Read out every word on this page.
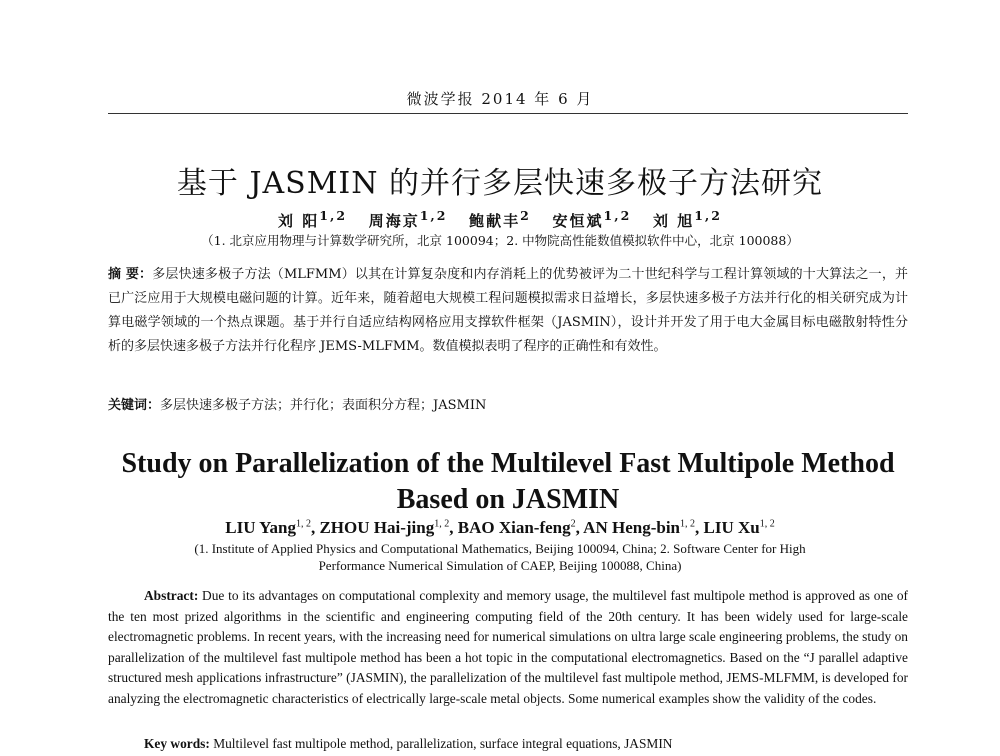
微波学报 2014 年 6 月
基于 JASMIN 的并行多层快速多极子方法研究
刘 阳$^{1,2}$ 周海京$^{1,2}$ 鲍献丰$^2$ 安恒斌$^{1,2}$ 刘 旭$^{1,2}$
（1. 北京应用物理与计算数学研究所，北京 100094；2. 中物院高性能数值模拟软件中心，北京 100088）
摘 要：多层快速多极子方法（MLFMM）以其在计算复杂度和内存消耗上的优势被评为二十世纪科学与工程计算领域的十大算法之一，并已广泛应用于大规模电磁问题的计算。近年来，随着超电大规模工程问题模拟需求日益增长，多层快速多极子方法并行化的相关研究成为计算电磁学领域的一个热点课题。基于并行自适应结构网格应用支撑软件框架（JASMIN），设计并开发了用于电大金属目标电磁散射特性分析的多层快速多极子方法并行化程序 JEMS-MLFMM。数值模拟表明了程序的正确性和有效性。
关键词：多层快速多极子方法；并行化；表面积分方程；JASMIN
Study on Parallelization of the Multilevel Fast Multipole Method
Based on JASMIN
LIU Yang$^{1, 2}$, ZHOU Hai-jing$^{1, 2}$, BAO Xian-feng$^2$, AN Heng-bin$^{1, 2}$, LIU Xu$^{1, 2}$
(1. Institute of Applied Physics and Computational Mathematics, Beijing 100094, China; 2. Software Center for High
Performance Numerical Simulation of CAEP, Beijing 100088, China)
Abstract: Due to its advantages on computational complexity and memory usage, the multilevel fast multipole method is approved as one of the ten most prized algorithms in the scientific and engineering computing field of the 20th century. It has been widely used for large-scale electromagnetic problems. In recent years, with the increasing need for numerical simulations on ultra large scale engineering problems, the study on parallelization of the multilevel fast multipole method has been a hot topic in the computational electromagnetics. Based on the “J parallel adaptive structured mesh applications infrastructure” (JASMIN), the parallelization of the multilevel fast multipole method, JEMS-MLFMM, is developed for analyzing the electromagnetic characteristics of electrically large-scale metal objects. Some numerical examples show the validity of the codes.
Key words: Multilevel fast multipole method, parallelization, surface integral equations, JASMIN
